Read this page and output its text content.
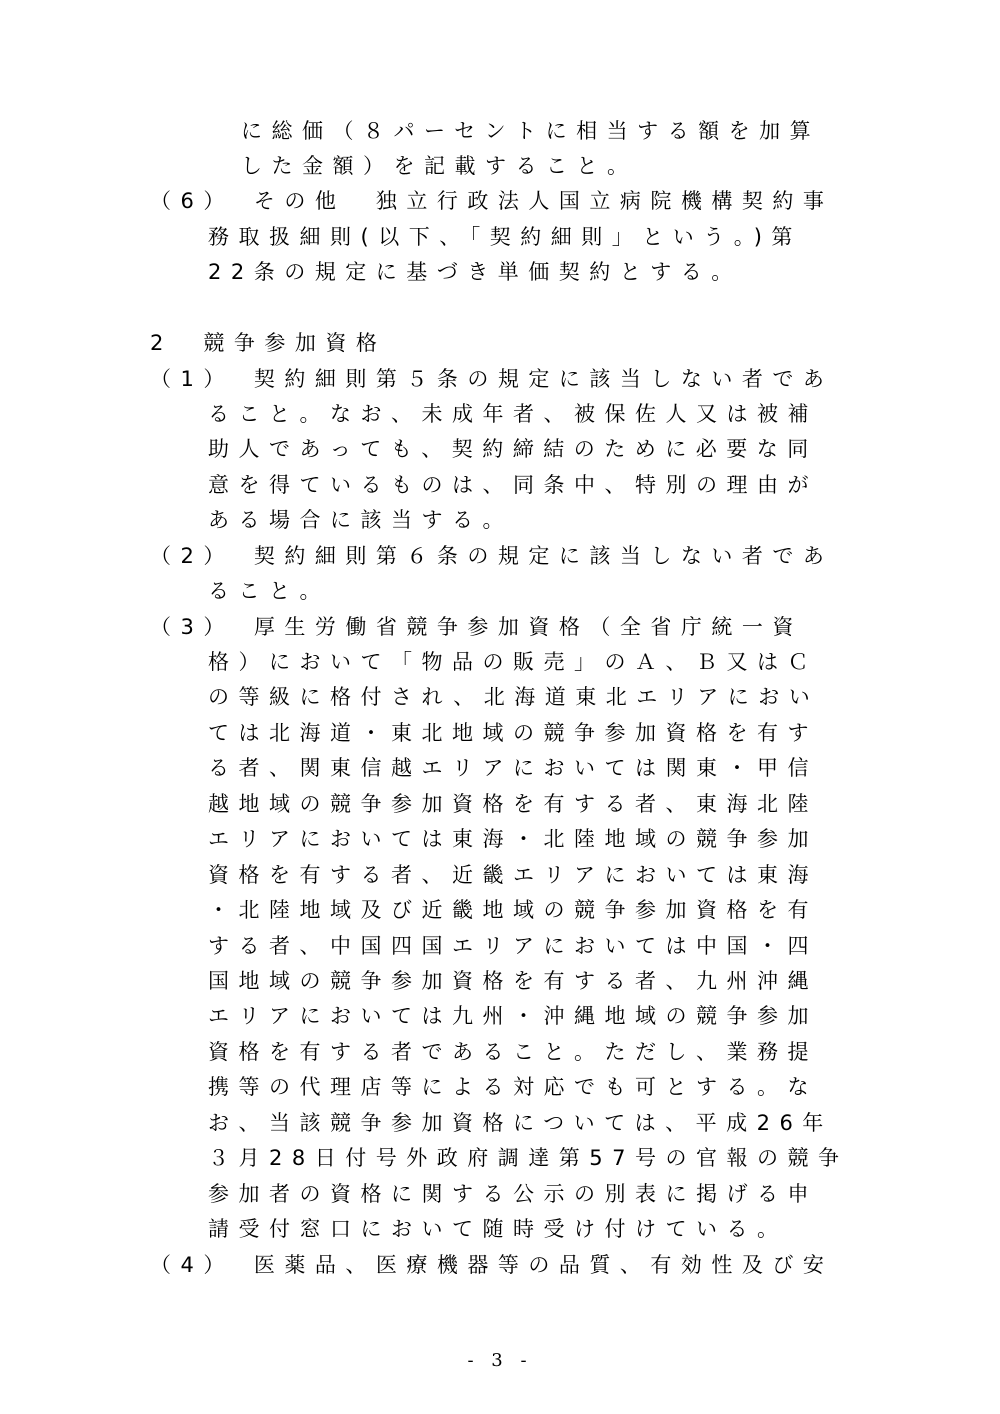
に総価（８パーセントに相当する額を加算
した金額）を記載すること。
（6）　その他　独立行政法人国立病院機構契約事
務取扱細則(以下、「契約細則」という。)第
22条の規定に基づき単価契約とする。
2　競争参加資格
（1）　契約細則第５条の規定に該当しない者であ
ること。なお、未成年者、被保佐人又は被補
助人であっても、契約締結のために必要な同
意を得ているものは、同条中、特別の理由が
ある場合に該当する。
（2）　契約細則第６条の規定に該当しない者であ
ること。
（3）　厚生労働省競争参加資格（全省庁統一資
格）において「物品の販売」のＡ、Ｂ又はＣ
の等級に格付され、北海道東北エリアにおい
ては北海道・東北地域の競争参加資格を有す
る者、関東信越エリアにおいては関東・甲信
越地域の競争参加資格を有する者、東海北陸
エリアにおいては東海・北陸地域の競争参加
資格を有する者、近畿エリアにおいては東海
・北陸地域及び近畿地域の競争参加資格を有
する者、中国四国エリアにおいては中国・四
国地域の競争参加資格を有する者、九州沖縄
エリアにおいては九州・沖縄地域の競争参加
資格を有する者であること。ただし、業務提
携等の代理店等による対応でも可とする。な
お、当該競争参加資格については、平成26年
３月28日付号外政府調達第57号の官報の競争
参加者の資格に関する公示の別表に掲げる申
請受付窓口において随時受け付けている。
（4）　医薬品、医療機器等の品質、有効性及び安
- 3 -
